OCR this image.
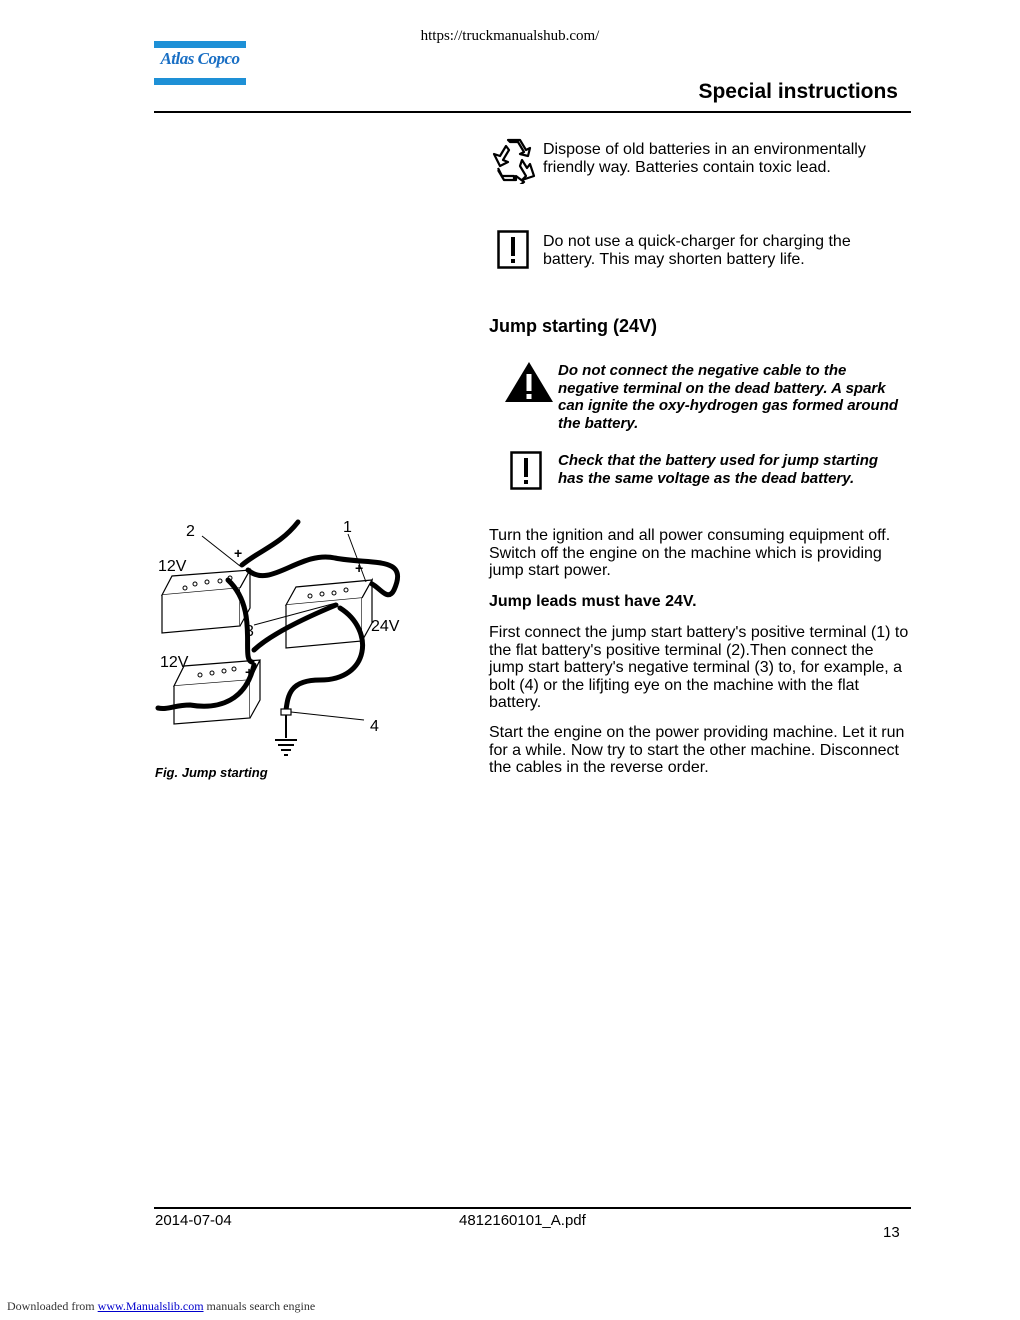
https://truckmanualshub.com/
Atlas Copco
Special instructions
Dispose of old batteries in an environmentally friendly way. Batteries contain toxic lead.
Do not use a quick-charger for charging the battery. This may shorten battery life.
Jump starting (24V)
Do not connect the negative cable to the negative terminal on the dead battery. A spark can ignite the oxy-hydrogen gas formed around the battery.
Check that the battery used for jump starting has the same voltage as the dead battery.
Turn the ignition and all power consuming equipment off. Switch off the engine on the machine which is providing jump start power.
Jump leads must have 24V.
First connect the jump start battery's positive terminal (1) to the flat battery's positive terminal (2).Then connect the jump start battery's negative terminal (3) to, for example, a bolt (4) or the lifjting eye on the machine with the flat battery.
Start the engine on the power providing machine. Let it run for a while. Now try to start the other machine. Disconnect the cables in the reverse order.
+
+
+
2	1
12V
3	24V
12V
4
Fig. Jump starting
2014-07-04	4812160101_A.pdf
13
Downloaded from www.Manualslib.com manuals search engine
